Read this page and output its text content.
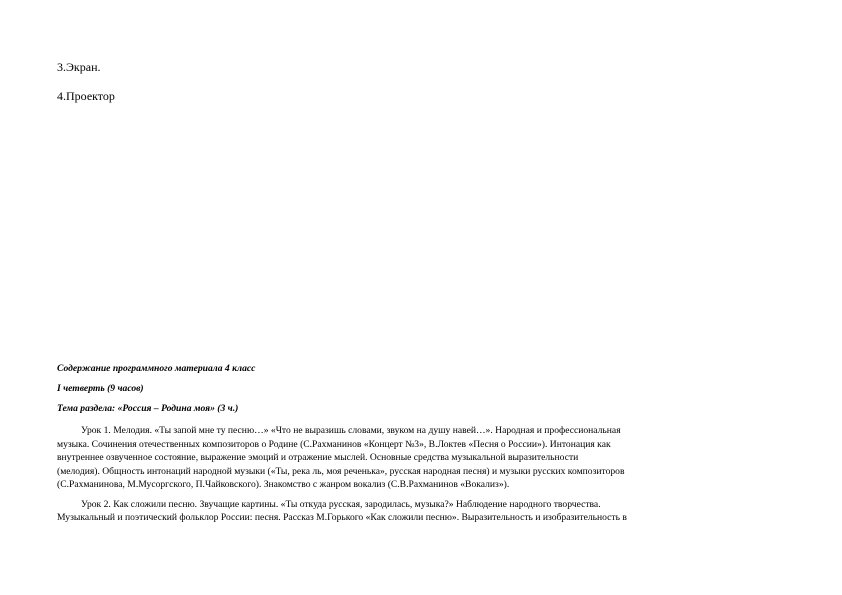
3.Экран.

4.Проектор

Содержание программного материала 4 класс

I четверть (9 часов)

Тема раздела: «Россия – Родина моя» (3 ч.)

Урок 1. Мелодия. «Ты запой мне ту песню…» «Что не выразишь словами, звуком на душу навей…». Народная и профессиональная
музыка. Сочинения отечественных композиторов о Родине (С.Рахманинов «Концерт №3», В.Локтев «Песня о России»). Интонация как
внутреннее озвученное состояние, выражение эмоций и отражение мыслей. Основные средства музыкальной выразительности
(мелодия). Общность интонаций народной музыки («Ты, река ль, моя реченька», русская народная песня) и музыки русских композиторов
(С.Рахманинова, М.Мусоргского, П.Чайковского). Знакомство с жанром вокализ (С.В.Рахманинов «Вокализ»).
Урок 2. Как сложили песню. Звучащие картины. «Ты откуда русская, зародилась, музыка?» Наблюдение народного творчества.
Музыкальный и поэтический фольклор России: песня. Рассказ М.Горького «Как сложили песню». Выразительность и изобразительность в
